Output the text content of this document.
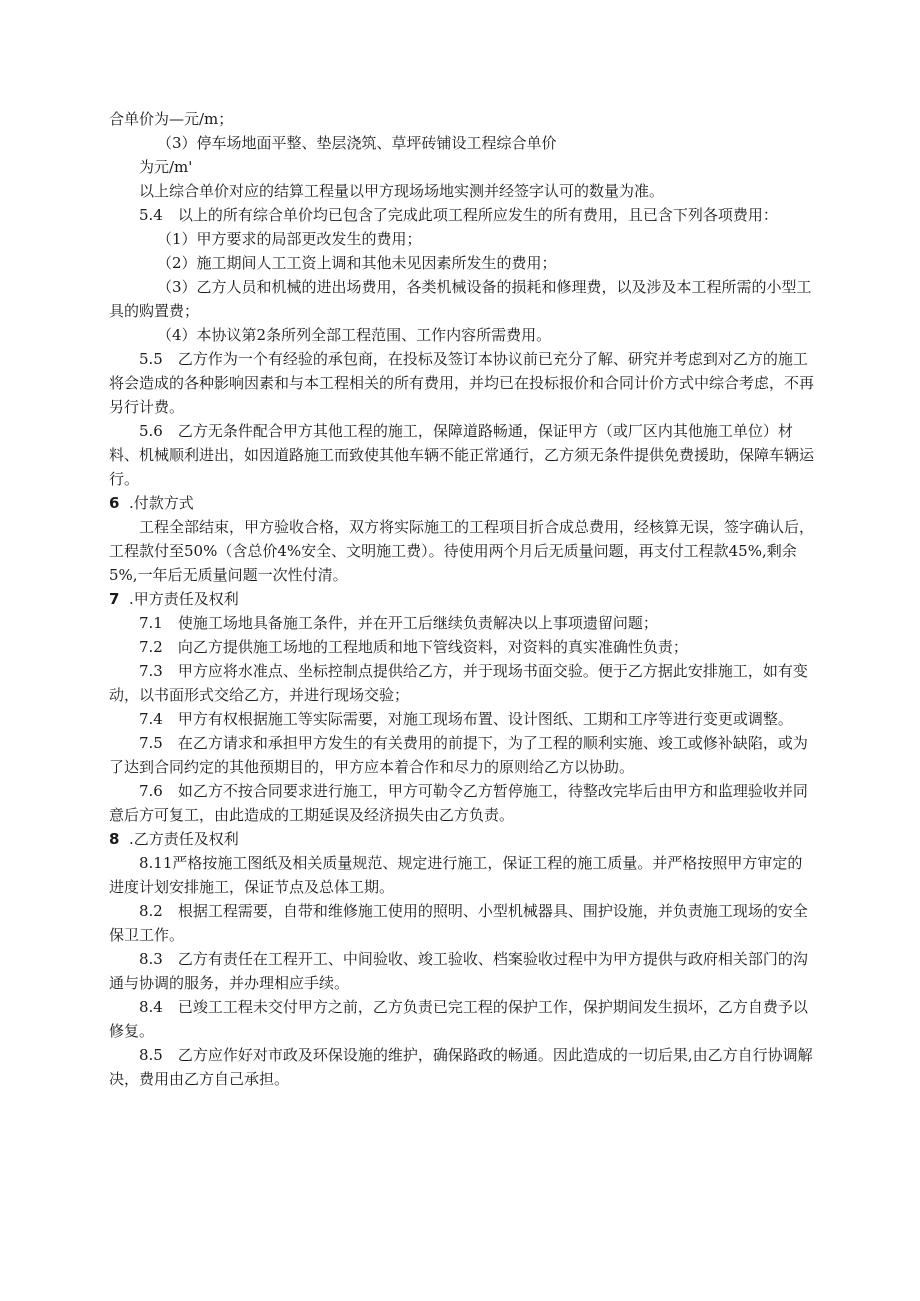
合单价为—元/m；

（3）停车场地面平整、垫层浇筑、草坪砖铺设工程综合单价

为元/m'

以上综合单价对应的结算工程量以甲方现场场地实测并经签字认可的数量为准。

5.4　以上的所有综合单价均已包含了完成此项工程所应发生的所有费用，且已含下列各项费用：

（1）甲方要求的局部更改发生的费用；

（2）施工期间人工工资上调和其他未见因素所发生的费用；

（3）乙方人员和机械的进出场费用，各类机械设备的损耗和修理费，以及涉及本工程所需的小型工具的购置费；

（4）本协议第2条所列全部工程范围、工作内容所需费用。

5.5　乙方作为一个有经验的承包商，在投标及签订本协议前已充分了解、研究并考虑到对乙方的施工将会造成的各种影响因素和与本工程相关的所有费用，并均已在投标报价和合同计价方式中综合考虑，不再另行计费。

5.6　乙方无条件配合甲方其他工程的施工，保障道路畅通，保证甲方（或厂区内其他施工单位）材料、机械顺利进出，如因道路施工而致使其他车辆不能正常通行，乙方须无条件提供免费援助，保障车辆运行。

6 .付款方式

工程全部结束，甲方验收合格，双方将实际施工的工程项目折合成总费用，经核算无误，签字确认后，工程款付至50%（含总价4%安全、文明施工费）。待使用两个月后无质量问题，再支付工程款45%,剩余5%,一年后无质量问题一次性付清。

7 .甲方责任及权利

7.1　使施工场地具备施工条件，并在开工后继续负责解决以上事项遗留问题；

7.2　向乙方提供施工场地的工程地质和地下管线资料，对资料的真实准确性负责；

7.3　甲方应将水准点、坐标控制点提供给乙方，并于现场书面交验。便于乙方据此安排施工，如有变动，以书面形式交给乙方，并进行现场交验；

7.4　甲方有权根据施工等实际需要，对施工现场布置、设计图纸、工期和工序等进行变更或调整。

7.5　在乙方请求和承担甲方发生的有关费用的前提下，为了工程的顺利实施、竣工或修补缺陷，或为了达到合同约定的其他预期目的，甲方应本着合作和尽力的原则给乙方以协助。

7.6　如乙方不按合同要求进行施工，甲方可勒令乙方暂停施工，待整改完毕后由甲方和监理验收并同意后方可复工，由此造成的工期延误及经济损失由乙方负责。

8 .乙方责任及权利

8.11严格按施工图纸及相关质量规范、规定进行施工，保证工程的施工质量。并严格按照甲方审定的进度计划安排施工，保证节点及总体工期。

8.2　根据工程需要，自带和维修施工使用的照明、小型机械器具、围护设施，并负责施工现场的安全保卫工作。

8.3　乙方有责任在工程开工、中间验收、竣工验收、档案验收过程中为甲方提供与政府相关部门的沟通与协调的服务，并办理相应手续。

8.4　已竣工工程未交付甲方之前，乙方负责已完工程的保护工作，保护期间发生损坏，乙方自费予以修复。

8.5　乙方应作好对市政及环保设施的维护，确保路政的畅通。因此造成的一切后果,由乙方自行协调解决，费用由乙方自己承担。
